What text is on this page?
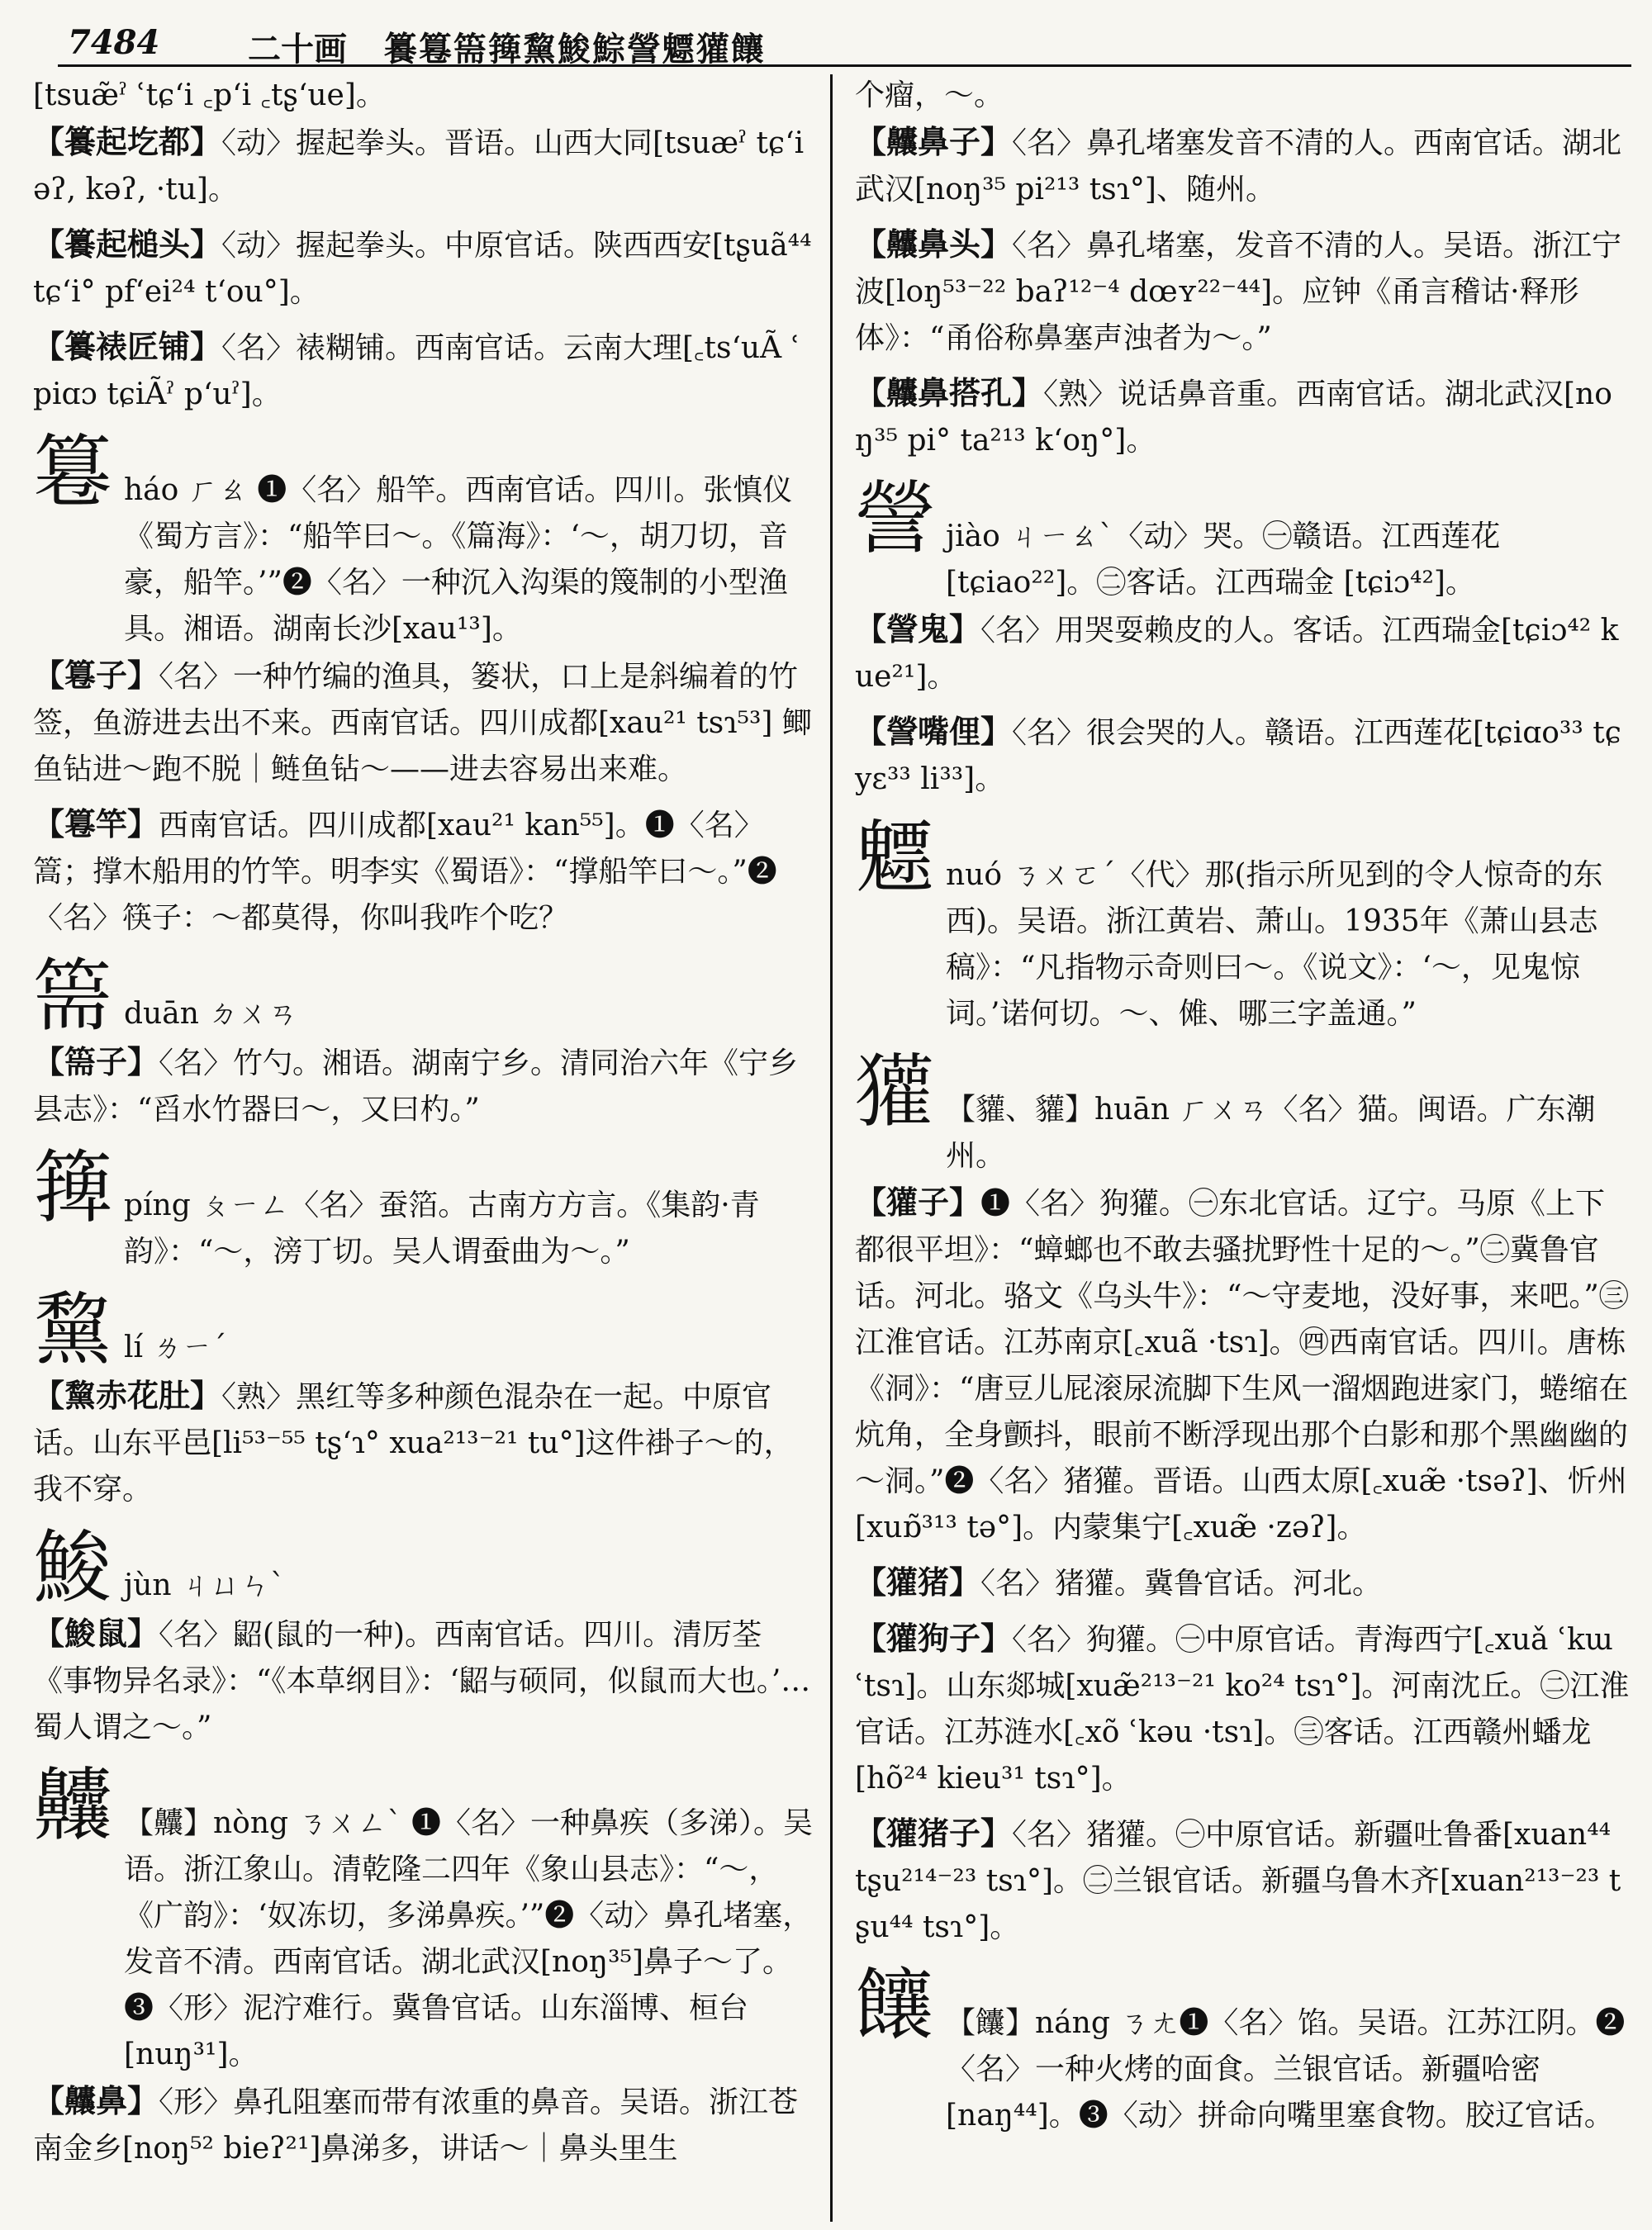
7484	二十画 籑篹篅篺黧鮻鯮謍魒獾饟

[tsuæ̃ˀ ʿtɕʻi ꜀pʻi ꜀tʂʻue]。

【籑起圪都】〈动〉握起拳头。晋语。山西大同[tsuæˀ tɕʻiəʔ, kəʔ, ·tu]。

【籑起槌头】〈动〉握起拳头。中原官话。陕西西安[tʂuã⁴⁴ tɕʻi° pfʻei²⁴ tʻou°]。

【籑裱匠铺】〈名〉裱糊铺。西南官话。云南大理[꜀tsʻuÃ ʿpiɑɔ tɕiÃˀ pʻuˀ]。

篹 háo ㄏㄠ ❶〈名〉船竿。西南官话。四川。张慎仪《蜀方言》：“船竿曰～。《篇海》：‘～，胡刀切，音豪，船竿。’”❷〈名〉一种沉入沟渠的篾制的小型渔具。湘语。湖南长沙[xau¹³]。

【篹子】〈名〉一种竹编的渔具，篓状，口上是斜编着的竹签，鱼游进去出不来。西南官话。四川成都[xau²¹ tsɿ⁵³] 鲫鱼钻进～跑不脱｜鲢鱼钻～——进去容易出来难。

【篹竿】西南官话。四川成都[xau²¹ kan⁵⁵]。❶〈名〉篙；撑木船用的竹竿。明李实《蜀语》：“撑船竿曰～。”❷〈名〉筷子：～都莫得，你叫我咋个吃？

篅 duān ㄉㄨㄢ

【篅子】〈名〉竹勺。湘语。湖南宁乡。清同治六年《宁乡县志》：“舀水竹器曰～，又曰杓。”

篺 píng ㄆㄧㄥ〈名〉蚕箔。古南方方言。《集韵·青韵》：“～，滂丁切。吴人谓蚕曲为～。”
黧 lí ㄌㄧˊ

【黧赤花肚】〈熟〉黑红等多种颜色混杂在一起。中原官话。山东平邑[li⁵³⁻⁵⁵ tʂʻɿ° xua²¹³⁻²¹ tu°]这件褂子～的，我不穿。

鮻 jùn ㄐㄩㄣˋ

【鮻鼠】〈名〉鼦(鼠的一种)。西南官话。四川。清厉荃《事物异名录》：“《本草纲目》：‘鼦与硕同，似鼠而大也。’…蜀人谓之～。”

齉 【齉】nòng ㄋㄨㄥˋ ❶〈名〉一种鼻疾（多涕）。吴语。浙江象山。清乾隆二四年《象山县志》：“～，《广韵》：‘奴冻切，多涕鼻疾。’”❷〈动〉鼻孔堵塞，发音不清。西南官话。湖北武汉[noŋ³⁵]鼻子～了。❸〈形〉泥泞难行。冀鲁官话。山东淄博、桓台[nuŋ³¹]。

【齉鼻】〈形〉鼻孔阻塞而带有浓重的鼻音。吴语。浙江苍南金乡[noŋ⁵² bieʔ²¹]鼻涕多，讲话～｜鼻头里生

个瘤，～。

【齉鼻子】〈名〉鼻孔堵塞发音不清的人。西南官话。湖北武汉[noŋ³⁵ pi²¹³ tsɿ°]、随州。

【齉鼻头】〈名〉鼻孔堵塞，发音不清的人。吴语。浙江宁波[loŋ⁵³⁻²² baʔ¹²⁻⁴ dœʏ²²⁻⁴⁴]。应钟《甬言稽诂·释形体》：“甬俗称鼻塞声浊者为～。”

【齉鼻搭孔】〈熟〉说话鼻音重。西南官话。湖北武汉[noŋ³⁵ pi° ta²¹³ kʻoŋ°]。

謍 jiào ㄐㄧㄠˋ〈动〉哭。㊀赣语。江西莲花[tɕiao²²]。㊁客话。江西瑞金 [tɕiɔ⁴²]。

【謍鬼】〈名〉用哭耍赖皮的人。客话。江西瑞金[tɕiɔ⁴² kue²¹]。

【謍嘴俚】〈名〉很会哭的人。赣语。江西莲花[tɕiɑo³³ tɕyɛ³³ li³³]。

魒 nuó ㄋㄨㄛˊ〈代〉那(指示所见到的令人惊奇的东西)。吴语。浙江黄岩、萧山。1935年《萧山县志稿》：“凡指物示奇则曰～。《说文》：‘～，见鬼惊词。’诺何切。～、傩、哪三字盖通。”
獾 【貛、貛】huān ㄏㄨㄢ〈名〉猫。闽语。广东潮州。

【獾子】❶〈名〉狗獾。㊀东北官话。辽宁。马原《上下都很平坦》：“蟑螂也不敢去骚扰野性十足的～。”㊁冀鲁官话。河北。骆文《乌头牛》：“～守麦地，没好事，来吧。”㊂江淮官话。江苏南京[꜀xuã ·tsɿ]。㊃西南官话。四川。唐栋《洞》：“唐豆儿屁滚尿流脚下生风一溜烟跑进家门，蜷缩在炕角，全身颤抖，眼前不断浮现出那个白影和那个黑幽幽的～洞。”❷〈名〉猪獾。晋语。山西太原[꜀xuæ̃ ·tsəʔ]、忻州[xuɒ̃³¹³ tə°]。内蒙集宁[꜀xuæ̃ ·zəʔ]。

【獾猪】〈名〉猪獾。冀鲁官话。河北。

【獾狗子】〈名〉狗獾。㊀中原官话。青海西宁[꜀xuǎ ʿkɯ ʿtsɿ]。山东郯城[xuæ̃²¹³⁻²¹ ko²⁴ tsɿ°]。河南沈丘。㊁江淮官话。江苏涟水[꜀xõ ʿkəu ·tsɿ]。㊂客话。江西赣州蟠龙 [hõ²⁴ kieu³¹ tsɿ°]。

【獾猪子】〈名〉猪獾。㊀中原官话。新疆吐鲁番[xuan⁴⁴ tʂu²¹⁴⁻²³ tsɿ°]。㊁兰银官话。新疆乌鲁木齐[xuan²¹³⁻²³ tʂu⁴⁴ tsɿ°]。

饟 【饢】náng ㄋㄤ❶〈名〉馅。吴语。江苏江阴。❷〈名〉一种火烤的面食。兰银官话。新疆哈密[naŋ⁴⁴]。❸〈动〉拼命向嘴里塞食物。胶辽官话。
